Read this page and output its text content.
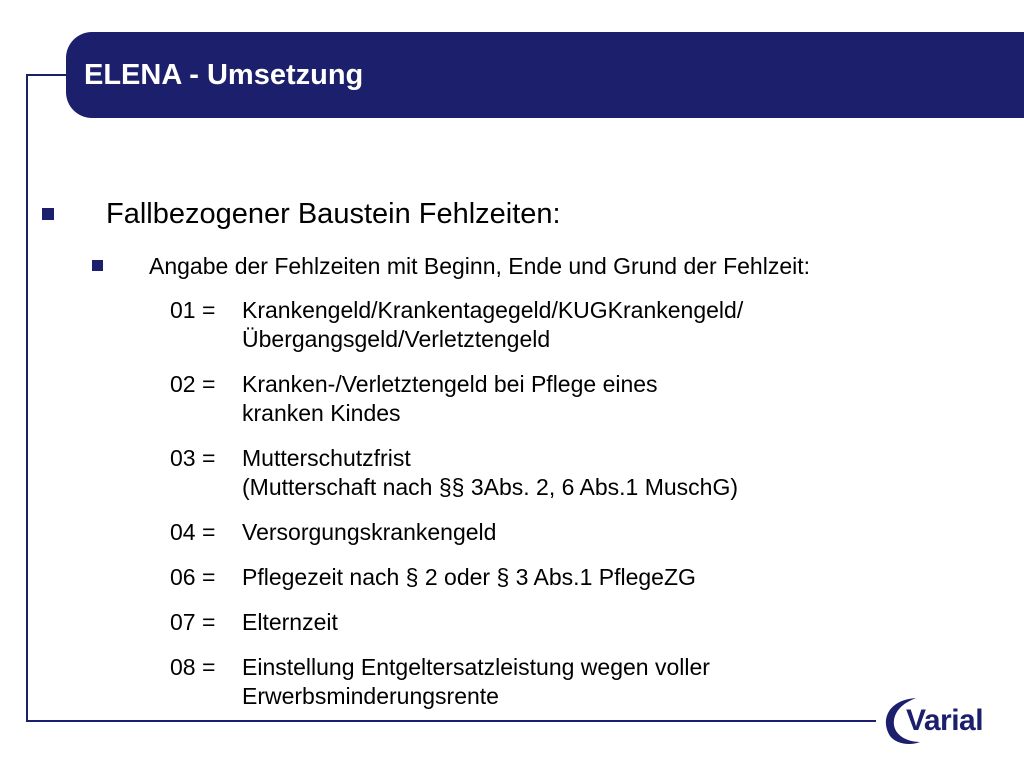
ELENA - Umsetzung
Fallbezogener Baustein Fehlzeiten:
Angabe der Fehlzeiten mit Beginn, Ende und Grund der Fehlzeit:
01 =	Krankengeld/Krankentagegeld/KUGKrankengeld/
Übergangsgeld/Verletztengeld
02 =	Kranken-/Verletztengeld bei Pflege eines
kranken Kindes
03 =	Mutterschutzfrist
(Mutterschaft nach §§ 3Abs. 2, 6 Abs.1 MuschG)
04 =	Versorgungskrankengeld
06 =	Pflegezeit nach § 2 oder § 3 Abs.1 PflegeZG
07 =	Elternzeit
08 =	Einstellung Entgeltersatzleistung wegen voller
Erwerbsminderungsrente
Varial
